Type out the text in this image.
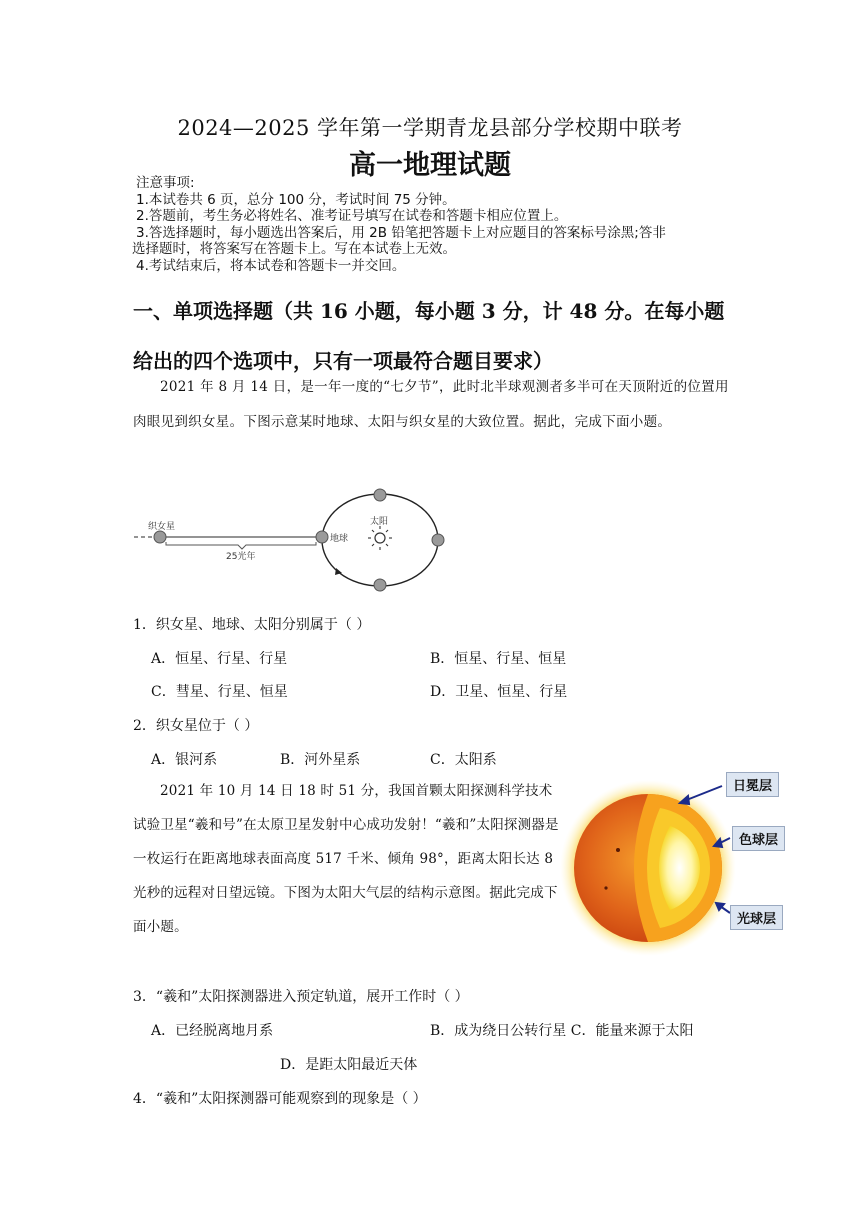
2024—2025 学年第一学期青龙县部分学校期中联考
高一地理试题
注意事项:
1.本试卷共 6 页，总分 100 分，考试时间 75 分钟。
2.答题前，考生务必将姓名、准考证号填写在试卷和答题卡相应位置上。
3.答选择题时，每小题选出答案后，用 2B 铅笔把答题卡上对应题目的答案标号涂黑;答非
选择题时，将答案写在答题卡上。写在本试卷上无效。
4.考试结束后，将本试卷和答题卡一并交回。
一、单项选择题（共 16 小题，每小题 3 分，计 48 分。在每小题给出的四个选项中，只有一项最符合题目要求）
2021 年 8 月 14 日，是一年一度的“七夕节”，此时北半球观测者多半可在天顶附近的位置用肉眼见到织女星。下图示意某时地球、太阳与织女星的大致位置。据此，完成下面小题。
织女星
25光年
太阳
地球
1．织女星、地球、太阳分别属于（ ）
A．恒星、行星、行星	B．恒星、行星、恒星
C．彗星、行星、恒星	D．卫星、恒星、行星
2．织女星位于（ ）
A．银河系	B．河外星系	C．太阳系
2021 年 10 月 14 日 18 时 51 分，我国首颗太阳探测科学技术试验卫星“羲和号”在太原卫星发射中心成功发射！“羲和”太阳探测器是一枚运行在距离地球表面高度 517 千米、倾角 98°，距离太阳长达 8 光秒的远程对日望远镜。下图为太阳大气层的结构示意图。据此完成下面小题。
日冕层
色球层
光球层
3．“羲和”太阳探测器进入预定轨道，展开工作时（ ）
A．已经脱离地月系	B．成为绕日公转行星 C．能量来源于太阳
D．是距太阳最近天体
4．“羲和”太阳探测器可能观察到的现象是（ ）
